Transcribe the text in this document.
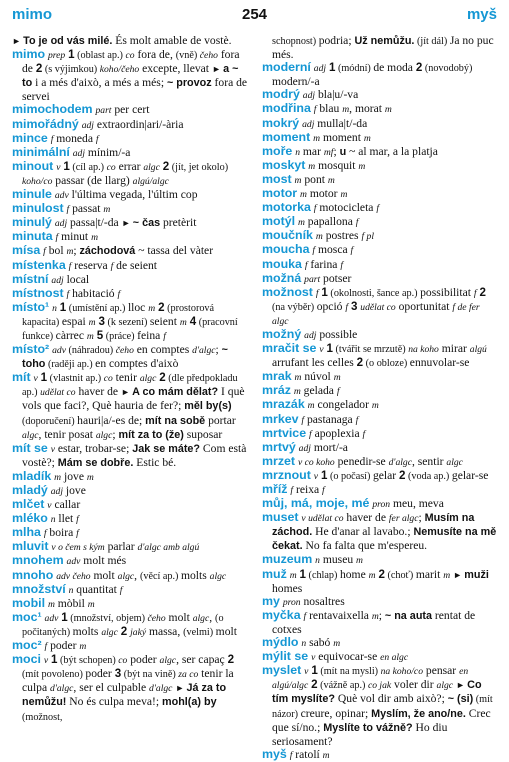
mimo	254	myš

► To je od vás milé. És molt amable de vostè.

mimo prep 1 (oblast ap.) co fora de, (vně) čeho fora de 2 (s výjimkou) koho/čeho excepte, llevat ► a ~ to i a més d'això, a més a més; ~ provoz fora de servei

mimochodem part per cert

mimořádný adj extraordin|ari/-ària

mince f moneda f

minimální adj mínim/-a

minout v 1 (cíl ap.) co errar algc 2 (jít, jet okolo) koho/co passar (de llarg) algú/algc

minule adv l'última vegada, l'últim cop

minulost f passat m

minulý adj passa|t/-da ► ~ čas pretèrit

minuta f minut m

mísa f bol m; záchodová ~ tassa del vàter

místenka f reserva f de seient

místní adj local

místnost f habitació f

místo¹ n 1 (umístění ap.) lloc m 2 (prostorová kapacita) espai m 3 (k sezení) seient m 4 (pracovní funkce) càrrec m 5 (práce) feina f

místo² adv (náhradou) čeho en comptes d'algc; ~ toho (raději ap.) en comptes d'això

mít v 1 (vlastnit ap.) co tenir algc 2 (dle předpokladu ap.) udělat co haver de ► A co mám dělat? I què vols que faci?, Què hauria de fer?; měl by(s) (doporučení) hauri|a/-es de; mít na sobě portar algc, tenir posat algc; mít za to (že) suposar

mít se v estar, trobar-se; Jak se máte? Com està vostè?; Mám se dobře. Estic bé.

mladík m jove m

mladý adj jove

mlčet v callar

mléko n llet f

mlha f boira f

mluvit v o čem s kým parlar d'algc amb algú

mnohem adv molt més

mnoho adv čeho molt algc, (věcí ap.) molts algc

množství n quantitat f

mobil m mòbil m

moc¹ adv 1 (množství, objem) čeho molt algc, (o počitaných) molts algc 2 jaký massa, (velmi) molt

moc² f poder m

moci v 1 (být schopen) co poder algc, ser capaç 2 (mít povoleno) poder 3 (být na vině) za co tenir la culpa d'algc, ser el culpable d'algc ► Já za to nemůžu! No és culpa meva!; mohl(a) by (možnost,

schopnost) podria; Už nemůžu. (jít dál) Ja no puc més.

moderní adj 1 (módní) de moda 2 (novodobý) modern/-a

modrý adj bla|u/-va

modřina f blau m, morat m

mokrý adj mulla|t/-da

moment m moment m

moře n mar mf; u ~ al mar, a la platja

moskyt m mosquit m

most m pont m

motor m motor m

motorka f motocicleta f

motýl m papallona f

moučník m postres f pl

moucha f mosca f

mouka f farina f

možná part potser

možnost f 1 (okolnosti, šance ap.) possibilitat f 2 (na výběr) opció f 3 udělat co oportunitat f de fer algc

možný adj possible

mračit se v 1 (tvářit se mrzutě) na koho mirar algú arrufant les celles 2 (o obloze) ennuvolar-se

mrak m núvol m

mráz m gelada f

mrazák m congelador m

mrkev f pastanaga f

mrtvice f apoplexia f

mrtvý adj mort/-a

mrzet v co koho penedir-se d'algc, sentir algc

mrznout v 1 (o počasí) gelar 2 (voda ap.) gelar-se

mříž f reixa f

můj, má, moje, mé pron meu, meva

muset v udělat co haver de fer algc; Musím na záchod. He d'anar al lavabo.; Nemusíte na mě čekat. No fa falta que m'espereu.

muzeum n museu m

muž m 1 (chlap) home m 2 (choť) marit m ► muži homes

my pron nosaltres

myčka f rentavaixella m; ~ na auta rentat de cotxes

mýdlo n sabó m

mýlit se v equivocar-se en algc

myslet v 1 (mít na mysli) na koho/co pensar en algú/algc 2 (vážně ap.) co jak voler dir algc ► Co tím myslíte? Què vol dir amb això?; ~ (si) (mít názor) creure, opinar; Myslím, že ano/ne. Crec que sí/no.; Myslíte to vážně? Ho diu seriosament?

myš f ratolí m
